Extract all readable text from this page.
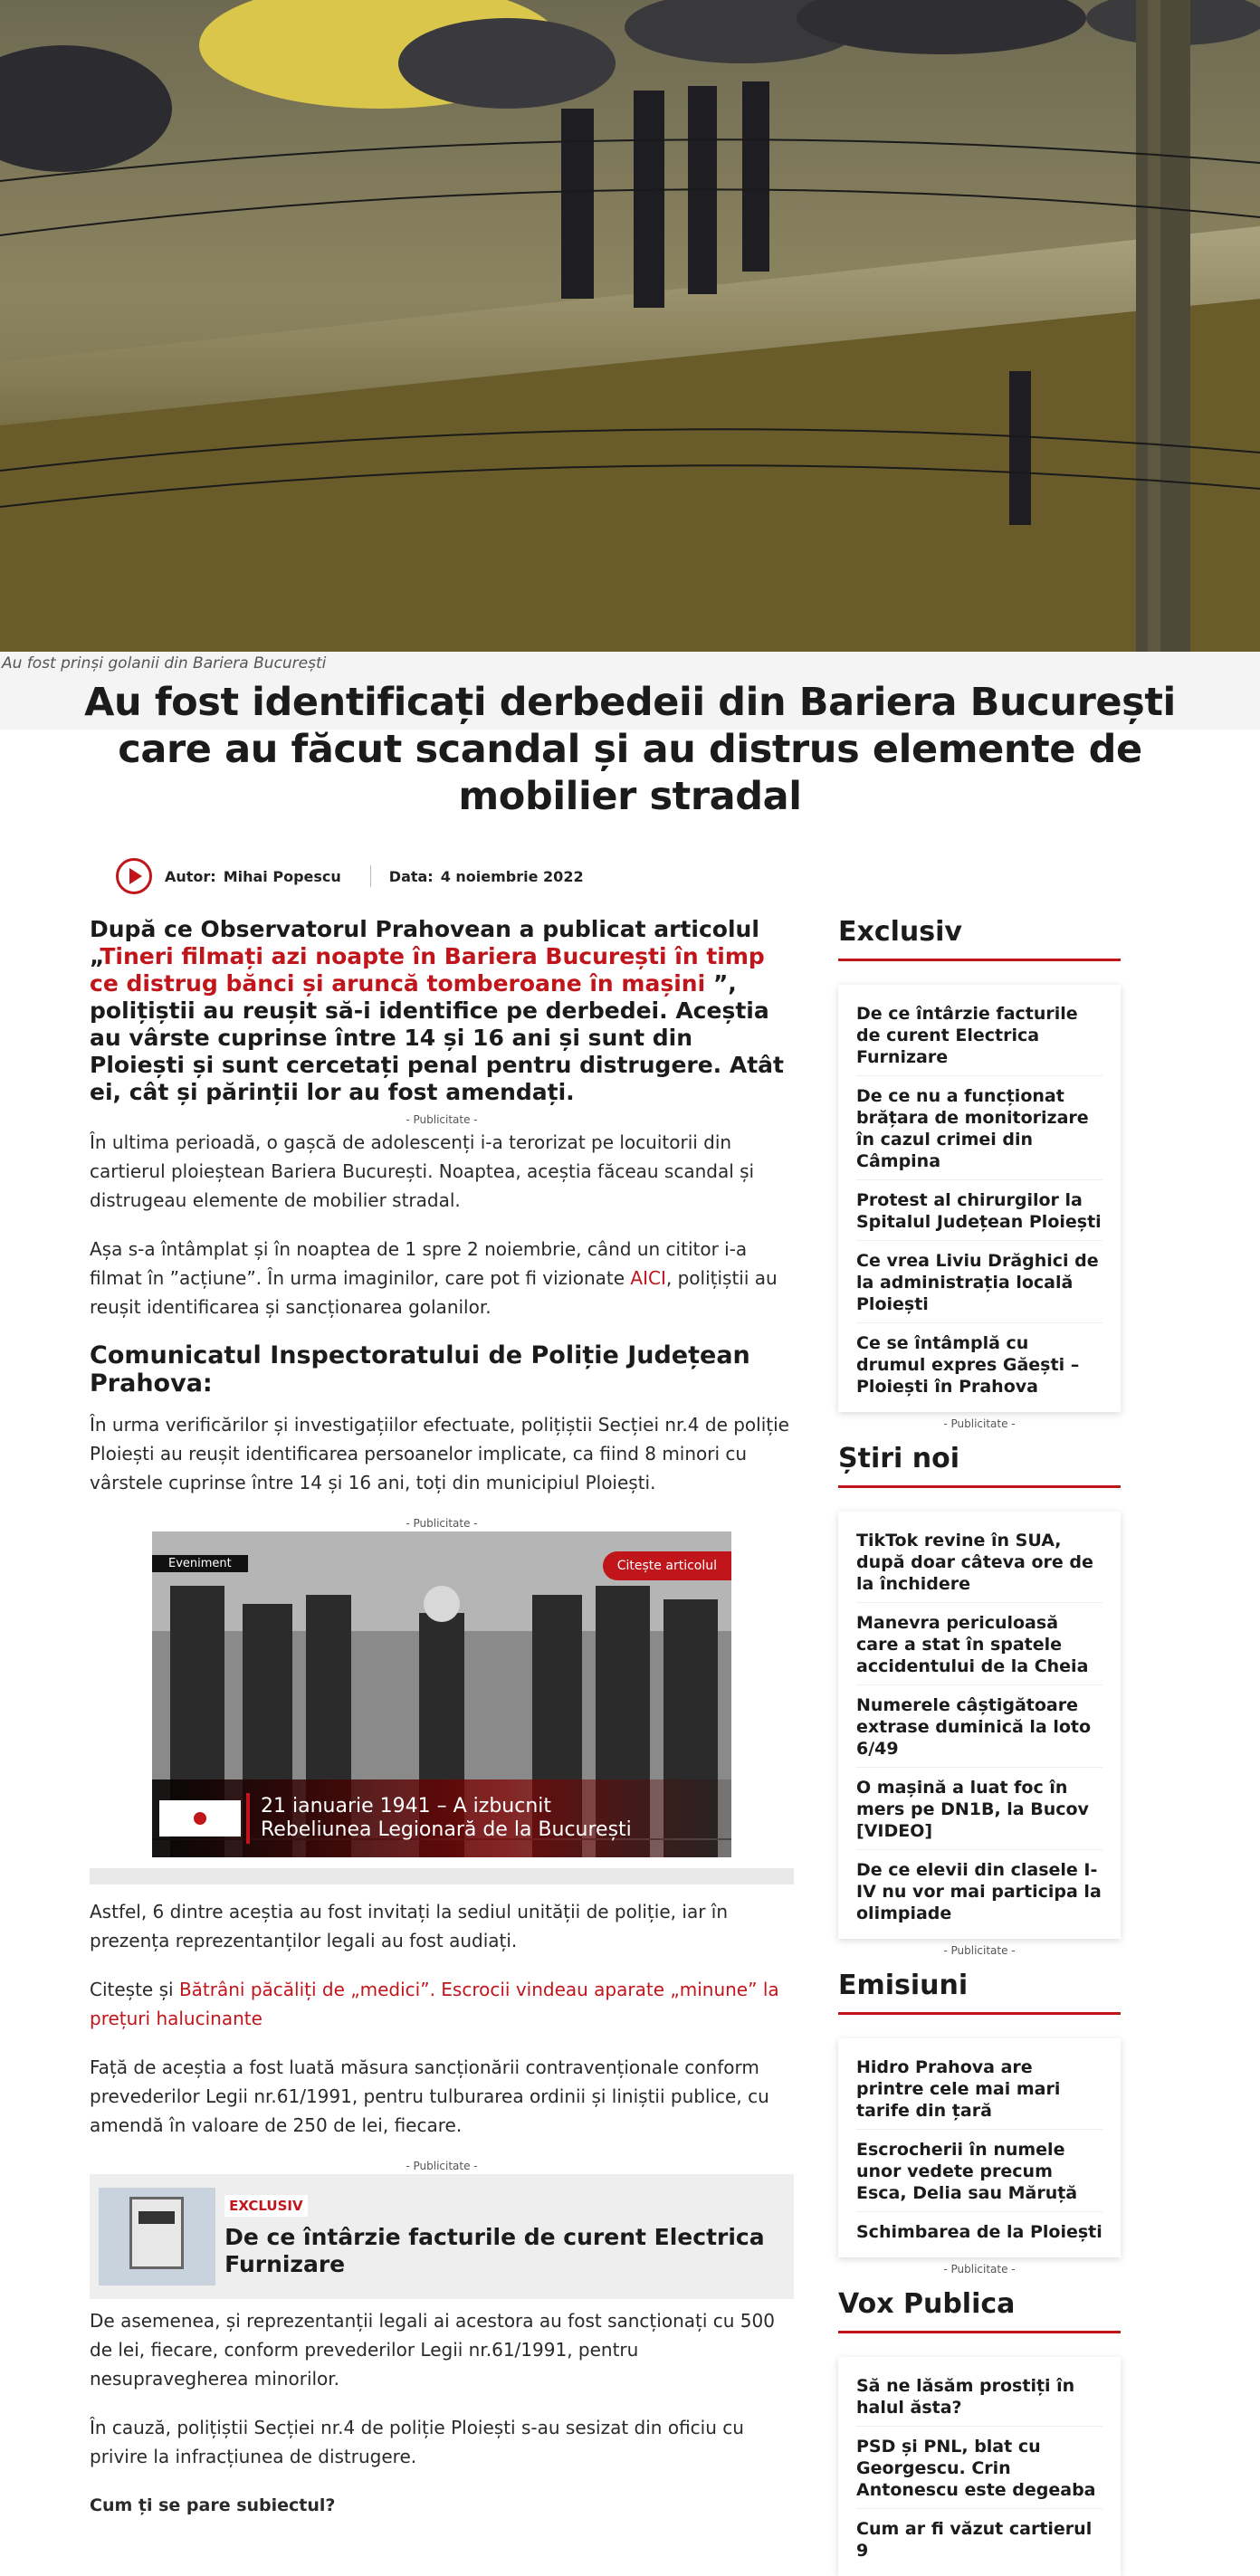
Au fost prinși golanii din Bariera București
Au fost identificați derbedeii din Bariera București care au făcut scandal și au distrus elemente de mobilier stradal
Autor: Mihai Popescu	Data: 4 noiembrie 2022

După ce Observatorul Prahovean a publicat articolul „Tineri filmați azi noapte în Bariera București în timp ce distrug bănci și aruncă tomberoane în mașini ”, polițiștii au reușit să-i identifice pe derbedei. Aceștia au vârste cuprinse între 14 și 16 ani și sunt din Ploiești și sunt cercetați penal pentru distrugere. Atât ei, cât și părinții lor au fost amendați.

- Publicitate -

În ultima perioadă, o gașcă de adolescenți i-a terorizat pe locuitorii din cartierul ploieștean Bariera București. Noaptea, aceștia făceau scandal și distrugeau elemente de mobilier stradal.

Așa s-a întâmplat și în noaptea de 1 spre 2 noiembrie, când un cititor i-a filmat în ”acțiune”. În urma imaginilor, care pot fi vizionate AICI, polițiștii au reușit identificarea și sancționarea golanilor.

Comunicatul Inspectoratului de Poliție Județean Prahova:

În urma verificărilor și investigațiilor efectuate, polițiștii Secției nr.4 de poliție Ploiești au reușit identificarea persoanelor implicate, ca fiind 8 minori cu vârstele cuprinse între 14 și 16 ani, toți din municipiul Ploiești.

- Publicitate -
Eveniment	Citește articolul
21 ianuarie 1941 – A izbucnit
Rebeliunea Legionară de la București

Astfel, 6 dintre aceștia au fost invitați la sediul unității de poliție, iar în prezența reprezentanților legali au fost audiați.

Citește și Bătrâni păcăliți de „medici”. Escrocii vindeau aparate „minune” la prețuri halucinante

Față de aceștia a fost luată măsura sancționării contravenționale conform prevederilor Legii nr.61/1991, pentru tulburarea ordinii și liniștii publice, cu amendă în valoare de 250 de lei, fiecare.

- Publicitate -
EXCLUSIV
De ce întârzie facturile de curent Electrica Furnizare

De asemenea, și reprezentanții legali ai acestora au fost sancționați cu 500 de lei, fiecare, conform prevederilor Legii nr.61/1991, pentru nesupravegherea minorilor.

În cauză, polițiștii Secției nr.4 de poliție Ploiești s-au sesizat din oficiu cu privire la infracțiunea de distrugere.

Cum ți se pare subiectul?

Exclusiv
De ce întârzie facturile de curent Electrica Furnizare
De ce nu a funcționat brățara de monitorizare în cazul crimei din Câmpina
Protest al chirurgilor la Spitalul Județean Ploiești
Ce vrea Liviu Drăghici de la administrația locală Ploiești
Ce se întâmplă cu drumul expres Găești – Ploiești în Prahova
- Publicitate -
Știri noi
TikTok revine în SUA, după doar câteva ore de la închidere
Manevra periculoasă care a stat în spatele accidentului de la Cheia
Numerele câștigătoare extrase duminică la loto 6/49
O mașină a luat foc în mers pe DN1B, la Bucov [VIDEO]
De ce elevii din clasele I-IV nu vor mai participa la olimpiade
- Publicitate -
Emisiuni
Hidro Prahova are printre cele mai mari tarife din țară
Escrocherii în numele unor vedete precum Esca, Delia sau Măruță
Schimbarea de la Ploiești
- Publicitate -
Vox Publica
Să ne lăsăm prostiți în halul ăsta?
PSD și PNL, blat cu Georgescu. Crin Antonescu este degeaba
Cum ar fi văzut cartierul 9
